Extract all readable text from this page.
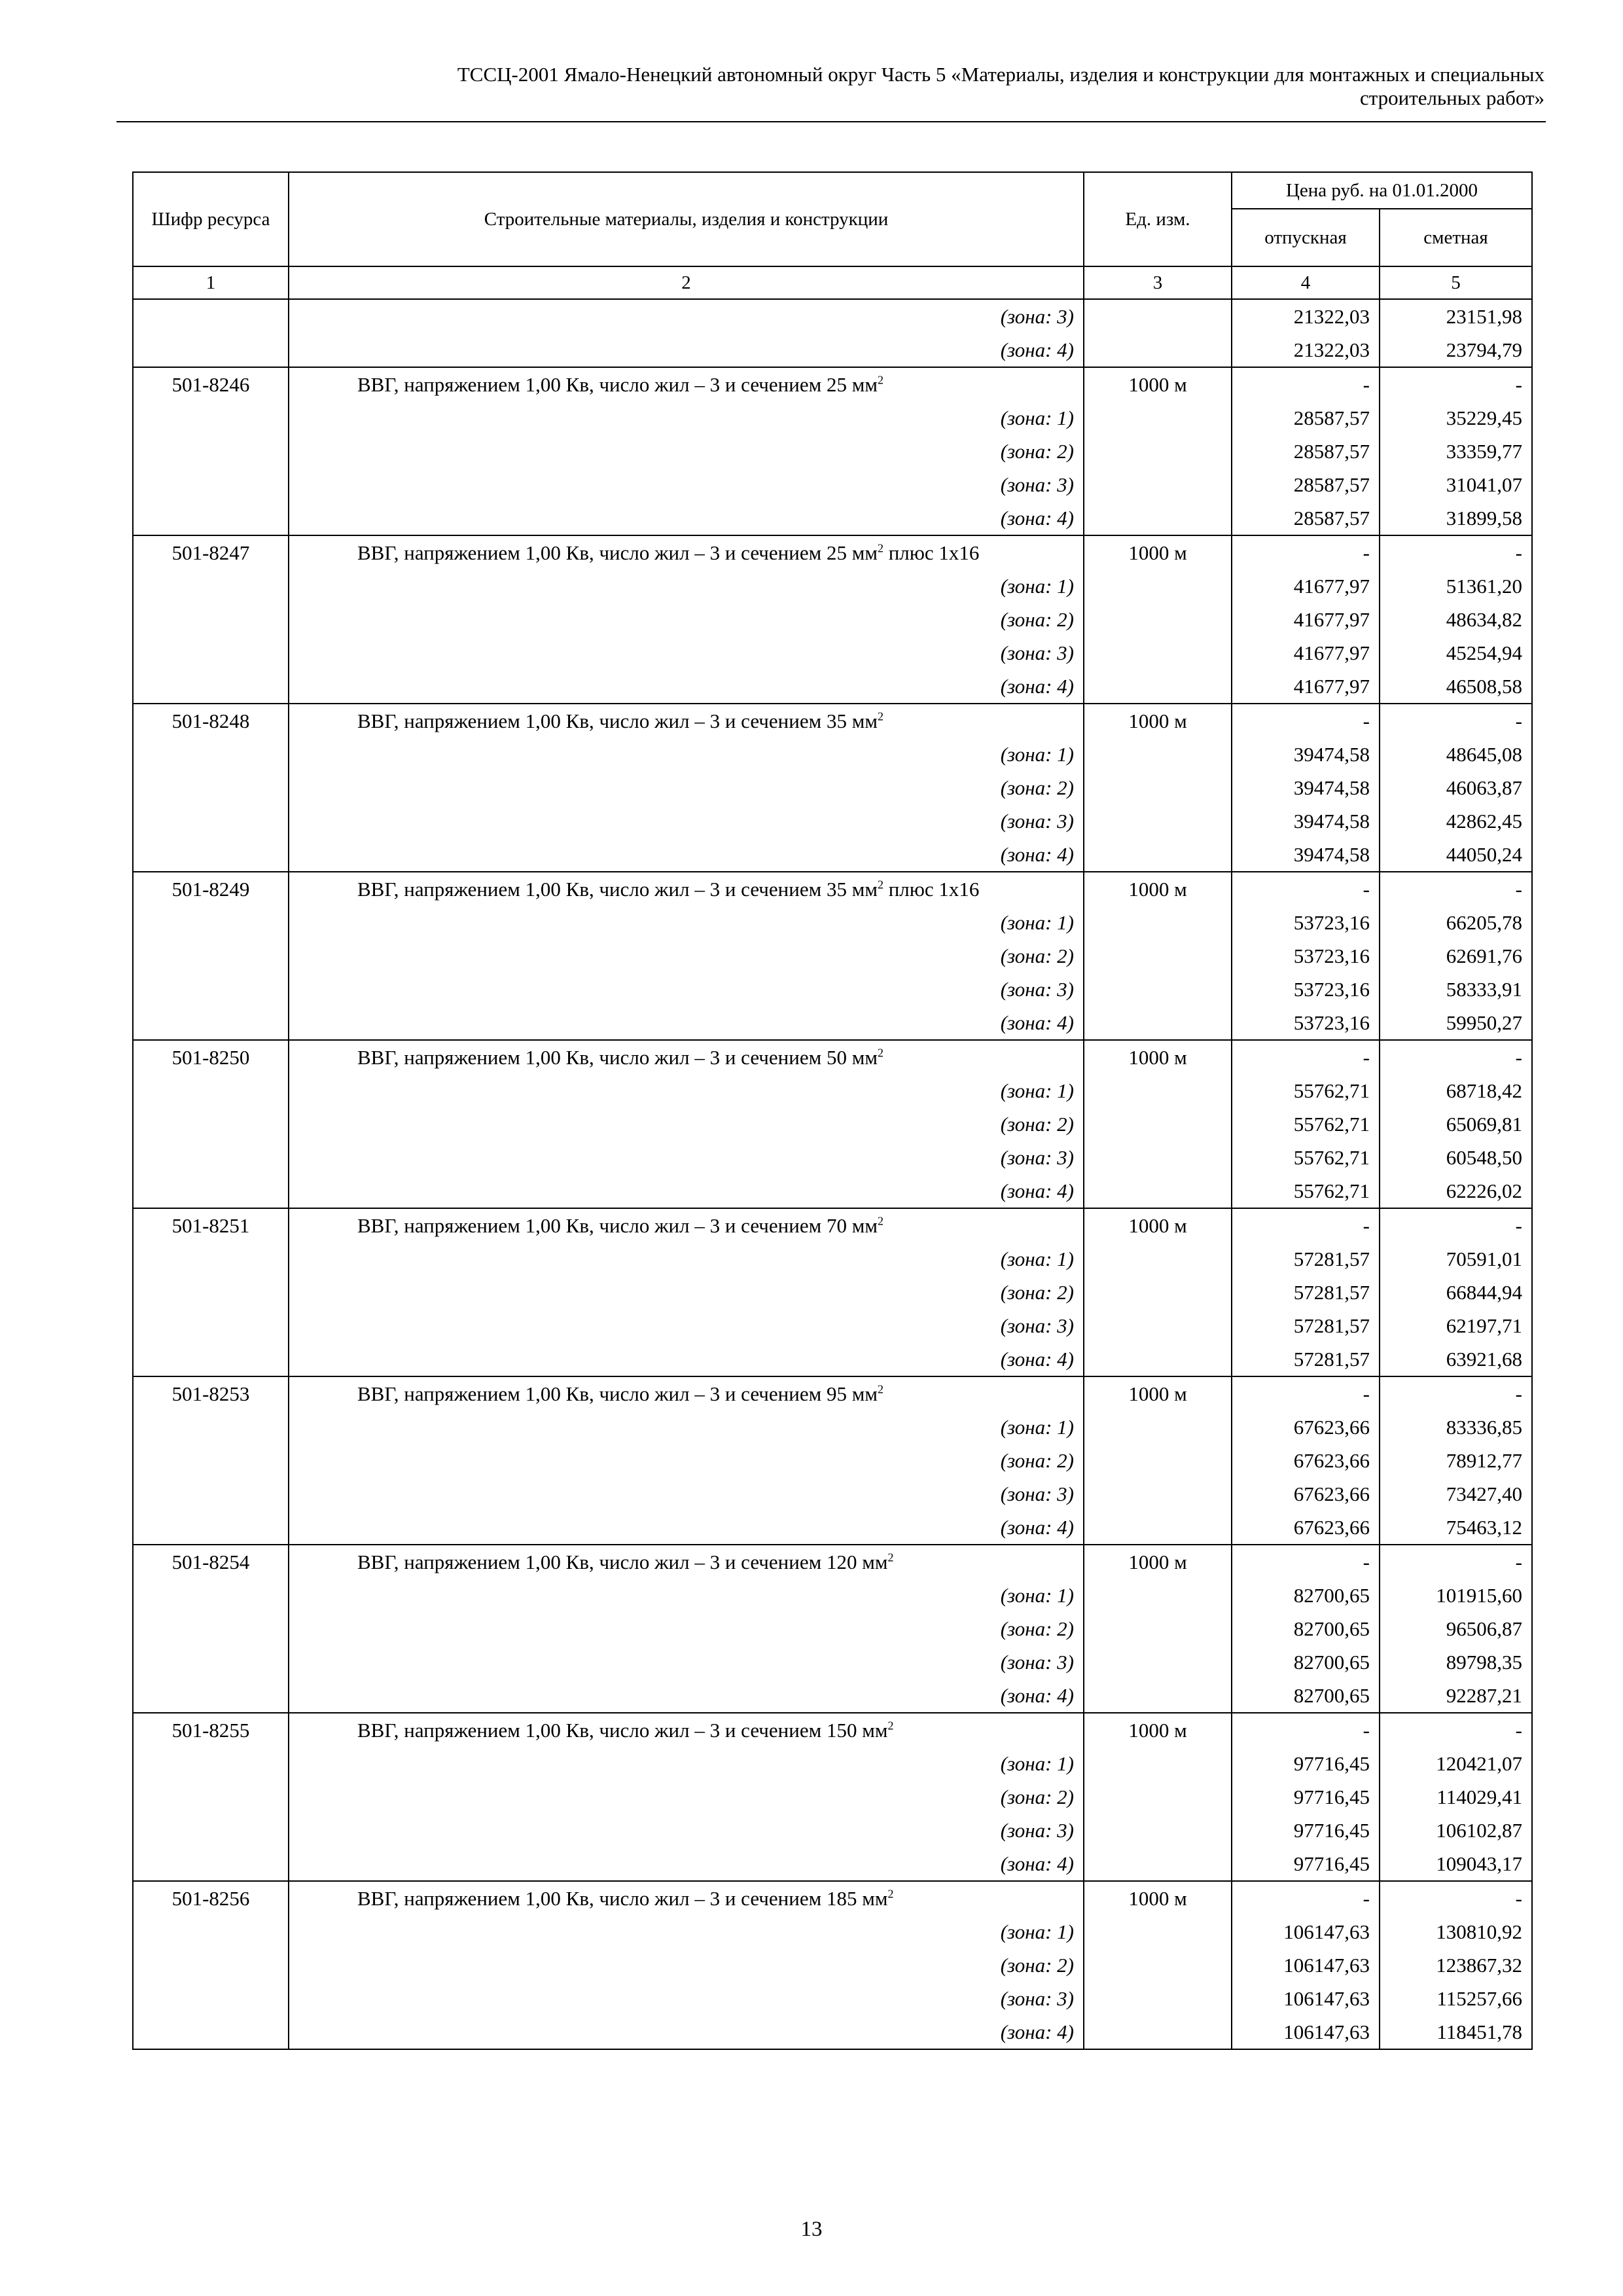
ТССЦ-2001 Ямало-Ненецкий автономный округ Часть 5 «Материалы, изделия и конструкции для монтажных и специальных
строительных работ»
Шифр ресурса	Строительные материалы, изделия и конструкции	Ед. изм.	Цена руб. на 01.01.2000	
			отпускная	сметная
1	2	3	4	5

	(зона: 3)		21322,03	23151,98

	(зона: 4)		21322,03	23794,79
501-8246	ВВГ, напряжением 1,00 Кв, число жил – 3 и сечением 25 $мм^2$	1000 м	-	-

	(зона: 1)		28587,57	35229,45

	(зона: 2)		28587,57	33359,77

	(зона: 3)		28587,57	31041,07

	(зона: 4)		28587,57	31899,58
501-8247	ВВГ, напряжением 1,00 Кв, число жил – 3 и сечением 25 $мм^2$ плюс 1x16	1000 м	-	-

	(зона: 1)		41677,97	51361,20

	(зона: 2)		41677,97	48634,82

	(зона: 3)		41677,97	45254,94

	(зона: 4)		41677,97	46508,58
501-8248	ВВГ, напряжением 1,00 Кв, число жил – 3 и сечением 35 $мм^2$	1000 м	-	-

	(зона: 1)		39474,58	48645,08

	(зона: 2)		39474,58	46063,87

	(зона: 3)		39474,58	42862,45

	(зона: 4)		39474,58	44050,24
501-8249	ВВГ, напряжением 1,00 Кв, число жил – 3 и сечением 35 $мм^2$ плюс 1x16	1000 м	-	-

	(зона: 1)		53723,16	66205,78

	(зона: 2)		53723,16	62691,76

	(зона: 3)		53723,16	58333,91

	(зона: 4)		53723,16	59950,27
501-8250	ВВГ, напряжением 1,00 Кв, число жил – 3 и сечением 50 $мм^2$	1000 м	-	-

	(зона: 1)		55762,71	68718,42

	(зона: 2)		55762,71	65069,81

	(зона: 3)		55762,71	60548,50

	(зона: 4)		55762,71	62226,02
501-8251	ВВГ, напряжением 1,00 Кв, число жил – 3 и сечением 70 $мм^2$	1000 м	-	-

	(зона: 1)		57281,57	70591,01

	(зона: 2)		57281,57	66844,94

	(зона: 3)		57281,57	62197,71

	(зона: 4)		57281,57	63921,68
501-8253	ВВГ, напряжением 1,00 Кв, число жил – 3 и сечением 95 $мм^2$	1000 м	-	-

	(зона: 1)		67623,66	83336,85

	(зона: 2)		67623,66	78912,77

	(зона: 3)		67623,66	73427,40

	(зона: 4)		67623,66	75463,12
501-8254	ВВГ, напряжением 1,00 Кв, число жил – 3 и сечением 120 $мм^2$	1000 м	-	-

	(зона: 1)		82700,65	101915,60

	(зона: 2)		82700,65	96506,87

	(зона: 3)		82700,65	89798,35

	(зона: 4)		82700,65	92287,21
501-8255	ВВГ, напряжением 1,00 Кв, число жил – 3 и сечением 150 $мм^2$	1000 м	-	-

	(зона: 1)		97716,45	120421,07

	(зона: 2)		97716,45	114029,41

	(зона: 3)		97716,45	106102,87

	(зона: 4)		97716,45	109043,17
501-8256	ВВГ, напряжением 1,00 Кв, число жил – 3 и сечением 185 $мм^2$	1000 м	-	-

	(зона: 1)		106147,63	130810,92

	(зона: 2)		106147,63	123867,32

	(зона: 3)		106147,63	115257,66

	(зона: 4)		106147,63	118451,78
13
